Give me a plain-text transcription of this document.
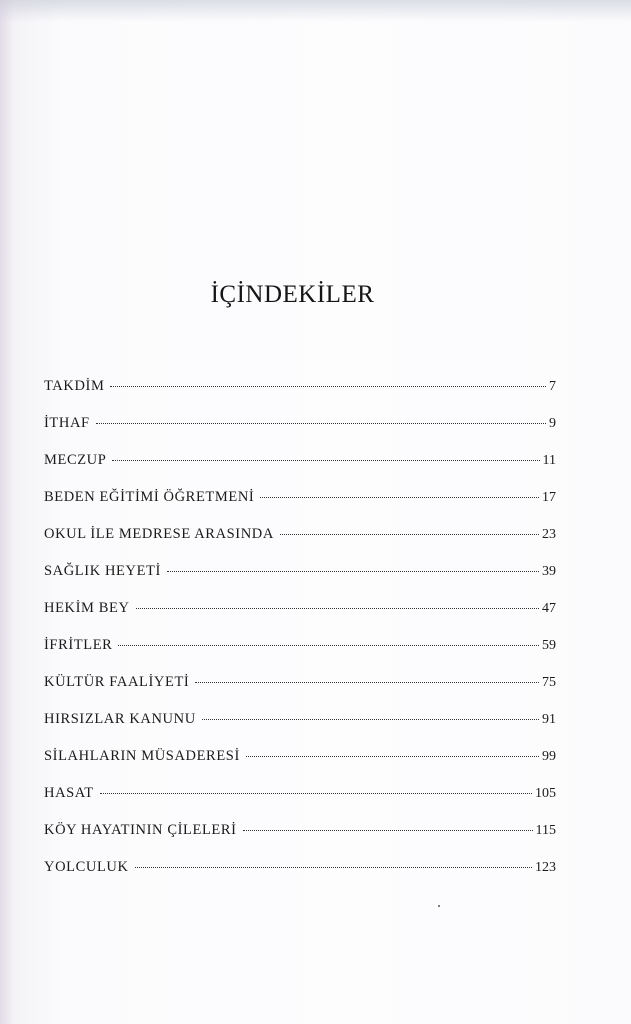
İÇİNDEKİLER
TAKDİM	7
İTHAF	9
MECZUP	11
BEDEN EĞİTİMİ ÖĞRETMENİ	17
OKUL İLE MEDRESE ARASINDA	23
SAĞLIK HEYETİ	39
HEKİM BEY	47
İFRİTLER	59
KÜLTÜR FAALİYETİ	75
HIRSIZLAR KANUNU	91
SİLAHLARIN MÜSADERESİ	99
HASAT	105
KÖY HAYATININ ÇİLELERİ	115
YOLCULUK	123
